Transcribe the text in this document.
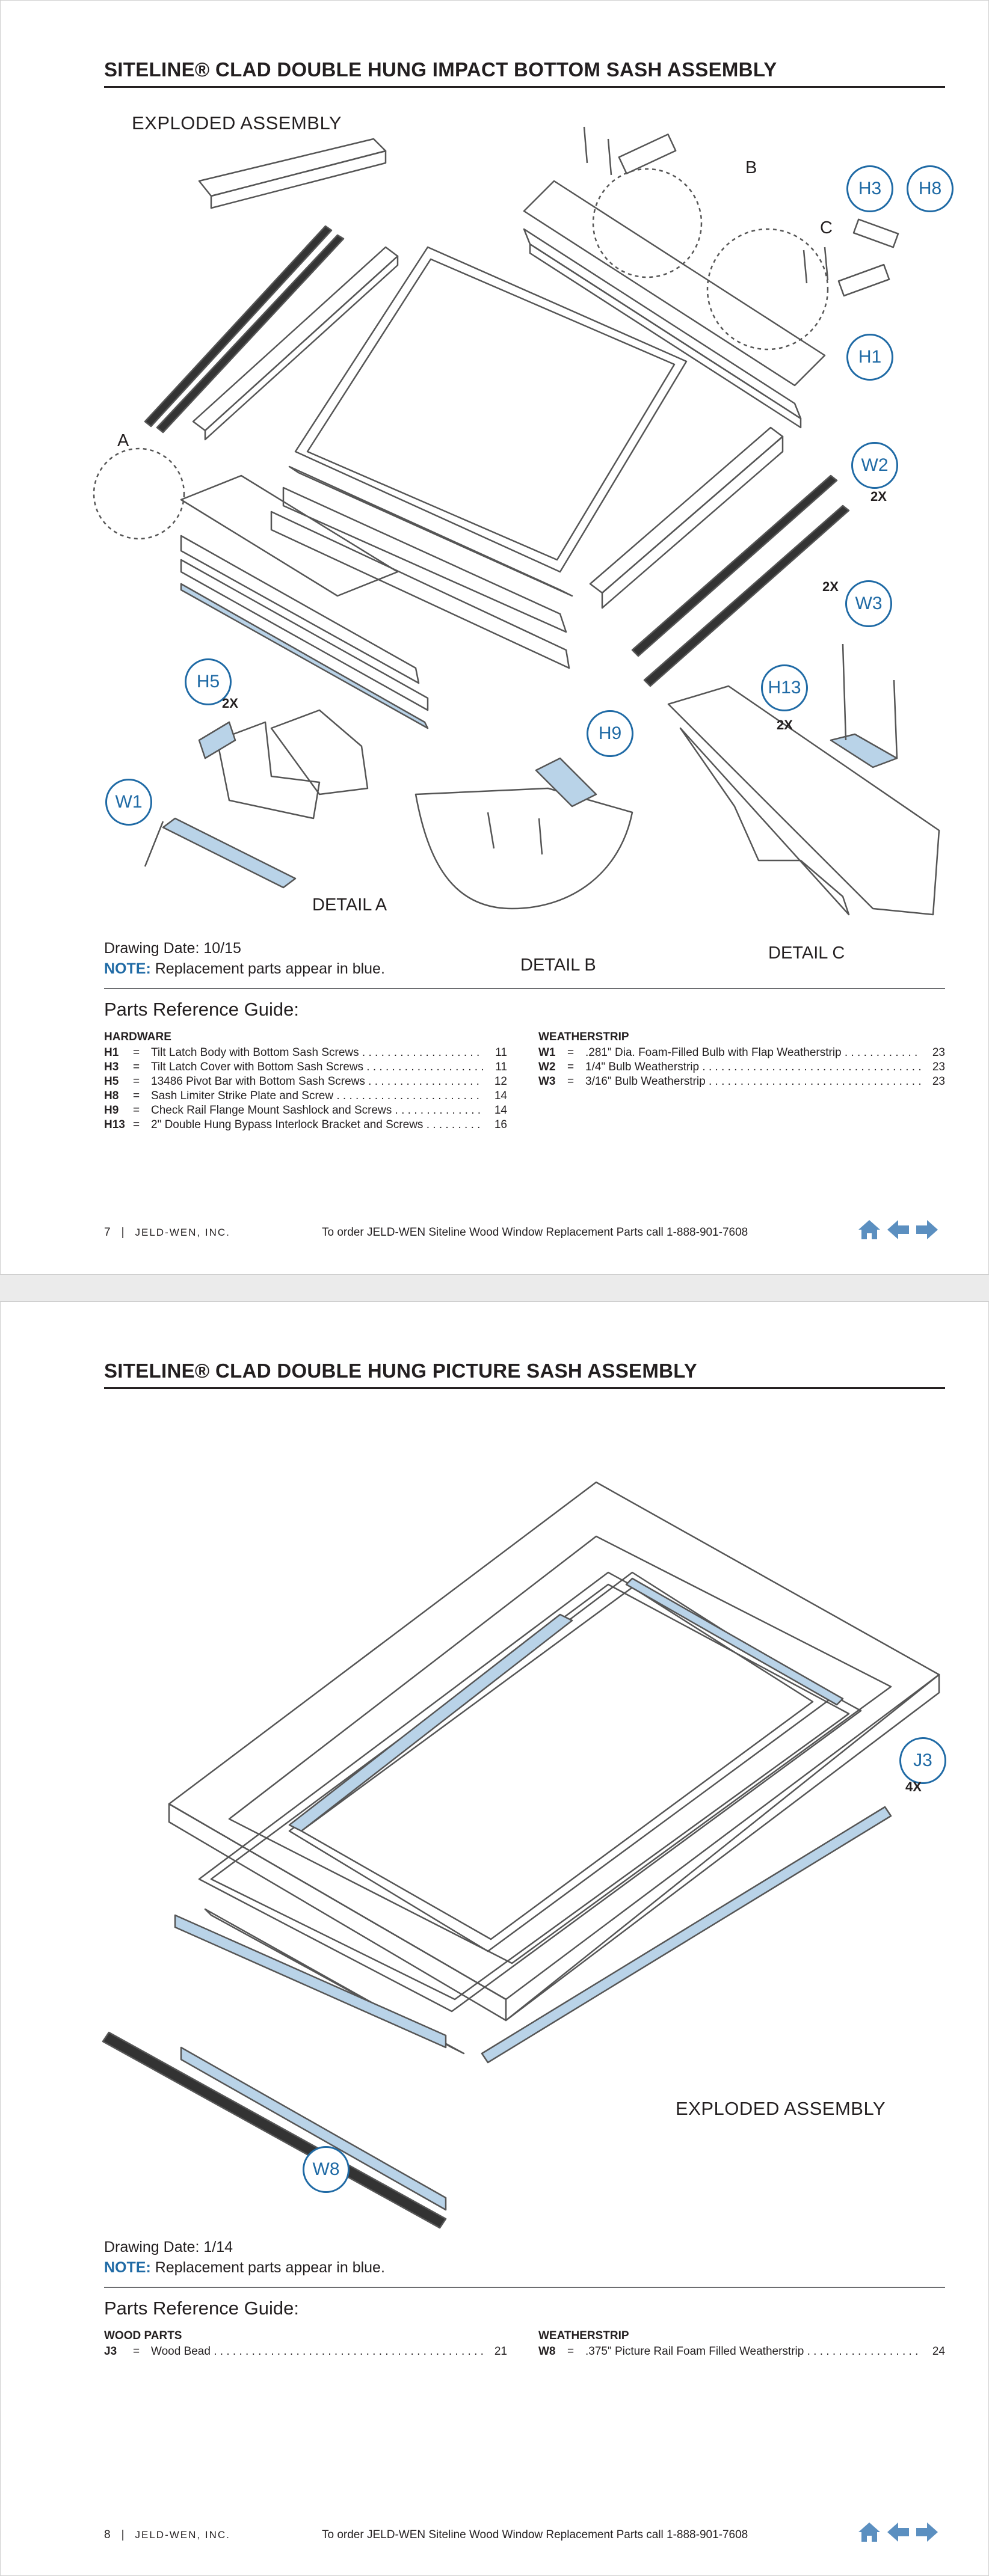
SITELINE® CLAD DOUBLE HUNG IMPACT BOTTOM SASH ASSEMBLY
EXPLODED ASSEMBLY
H3	H8
H1
W2
W3
H5
H9
H13
W1
2X
2X
2X
2X
A
B
C
DETAIL A
DETAIL B
DETAIL C
Drawing Date: 10/15
NOTE: Replacement parts appear in blue.
Parts Reference Guide:
HARDWARE
H1	= Tilt Latch Body with Bottom Sash Screws . . .	11
H3	= Tilt Latch Cover with Bottom Sash Screws . . .	11
H5	= 13486 Pivot Bar with Bottom Sash Screws . . .	12
H8	= Sash Limiter Strike Plate and Screw . . .	14
H9	= Check Rail Flange Mount Sashlock and Screws . . .	14
H13 = 2" Double Hung Bypass Interlock Bracket and Screws . . .	16
WEATHERSTRIP
W1	= .281" Dia. Foam-Filled Bulb with Flap Weatherstrip . . .	23
W2	= 1/4" Bulb Weatherstrip . . .	23
W3	= 3/16" Bulb Weatherstrip . . .	23
7 | JELD-WEN, INC.	To order JELD-WEN Siteline Wood Window Replacement Parts call 1-888-901-7608
SITELINE® CLAD DOUBLE HUNG PICTURE SASH ASSEMBLY
J3
4X
W8
EXPLODED ASSEMBLY
Drawing Date: 1/14
NOTE: Replacement parts appear in blue.
Parts Reference Guide:
WOOD PARTS
J3	= Wood Bead . . .	21
WEATHERSTRIP
W8	= .375" Picture Rail Foam Filled Weatherstrip . . .	24
8 | JELD-WEN, INC.	To order JELD-WEN Siteline Wood Window Replacement Parts call 1-888-901-7608
